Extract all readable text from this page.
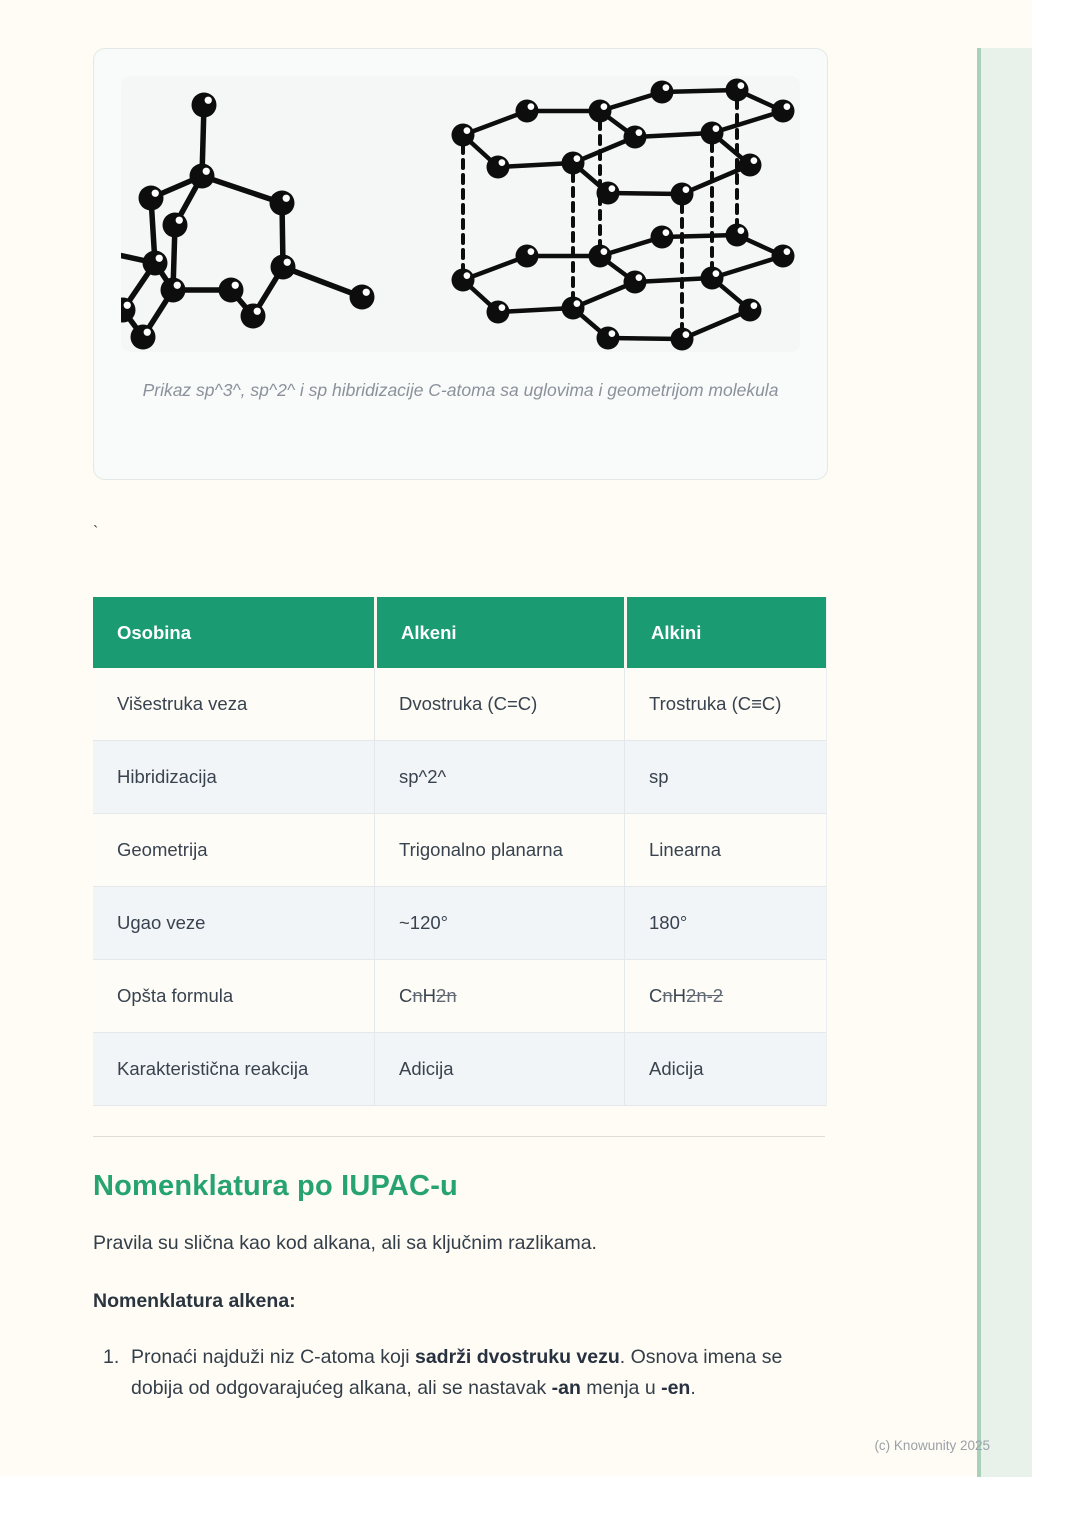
Prikaz sp^3^, sp^2^ i sp hibridizacije C-atoma sa uglovima i geometrijom molekula
`
Osobina	Alkeni	Alkini
Višestruka veza	Dvostruka (C=C)	Trostruka (C≡C)
Hibridizacija	sp^2^	sp
Geometrija	Trigonalno planarna	Linearna
Ugao veze	~120°	180°
Opšta formula	CnH2n	CnH2n-2
Karakteristična reakcija	Adicija	Adicija
Nomenklatura po IUPAC-u
Pravila su slična kao kod alkana, ali sa ključnim razlikama.
Nomenklatura alkena:
1. Pronaći najduži niz C-atoma koji sadrži dvostruku vezu. Osnova imena se dobija od odgovarajućeg alkana, ali se nastavak -an menja u -en.
(c) Knowunity 2025
